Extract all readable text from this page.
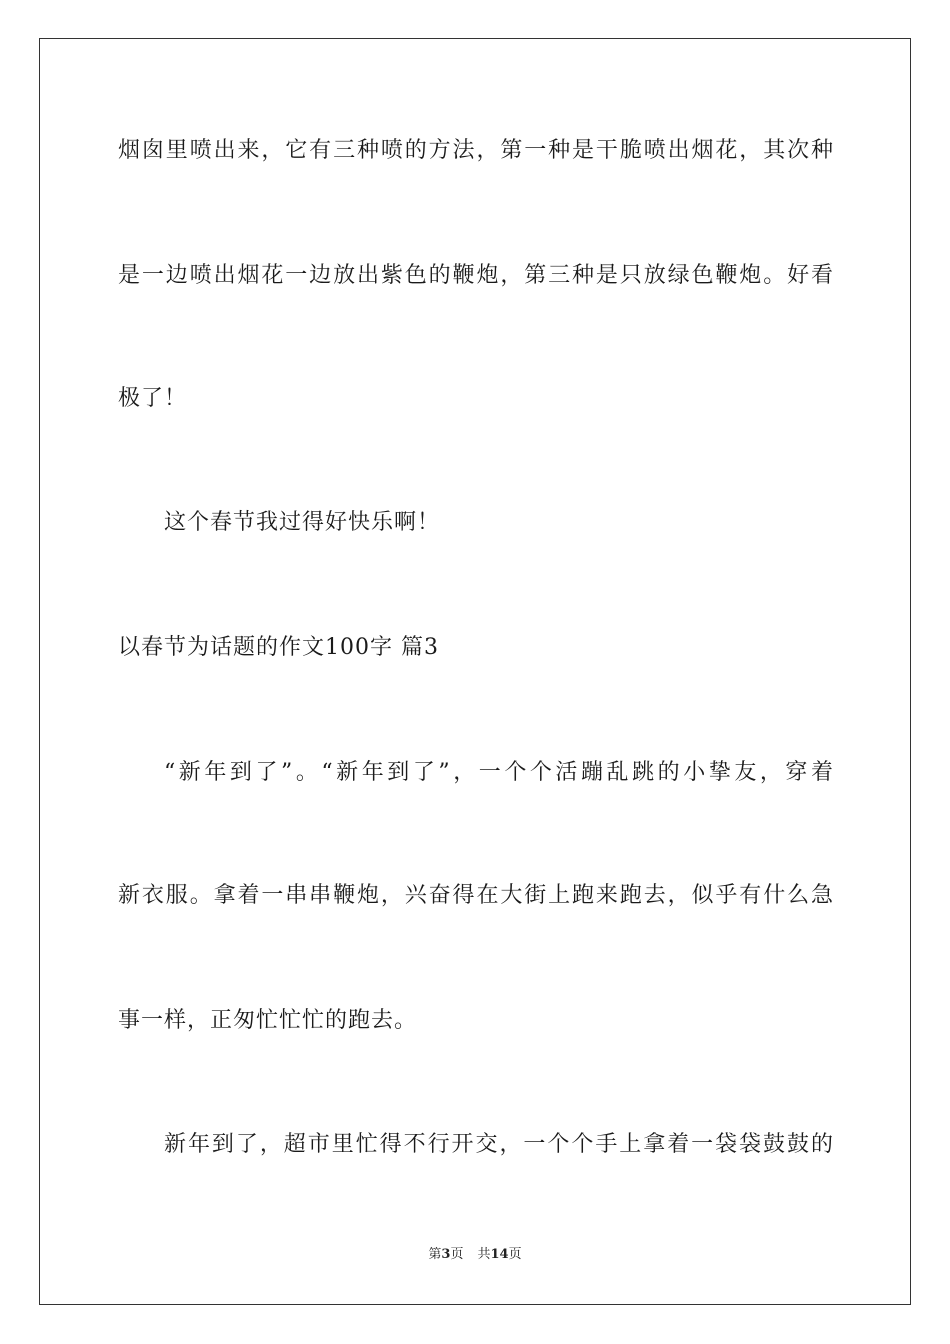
烟囱里喷出来，它有三种喷的方法，第一种是干脆喷出烟花，其次种
是一边喷出烟花一边放出紫色的鞭炮，第三种是只放绿色鞭炮。好看
极了！
这个春节我过得好快乐啊！
以春节为话题的作文100字 篇3
“新年到了”。“新年到了”，一个个活蹦乱跳的小挚友，穿着
新衣服。拿着一串串鞭炮，兴奋得在大街上跑来跑去，似乎有什么急
事一样，正匆忙忙忙的跑去。
新年到了，超市里忙得不行开交，一个个手上拿着一袋袋鼓鼓的
第3页 共14页
